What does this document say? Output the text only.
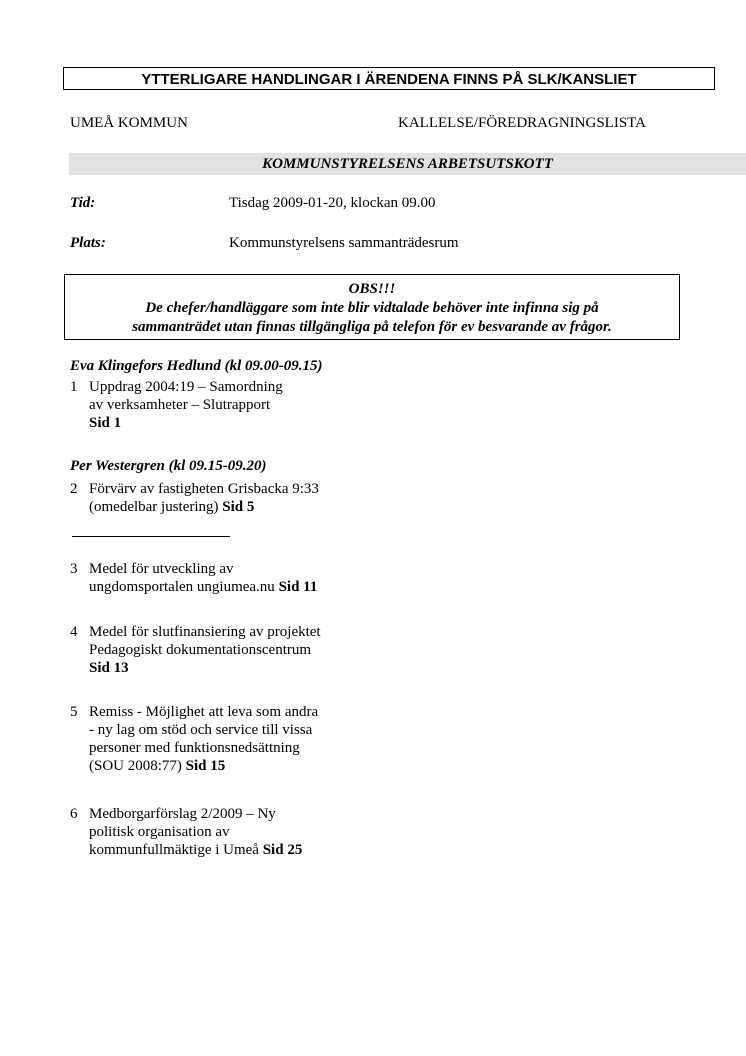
YTTERLIGARE HANDLINGAR I ÄRENDENA FINNS PÅ SLK/KANSLIET
UMEÅ KOMMUN	KALLELSE/FÖREDRAGNINGSLISTA
KOMMUNSTYRELSENS ARBETSUTSKOTT
Tid:	Tisdag 2009-01-20, klockan 09.00
Plats:	Kommunstyrelsens sammanträdesrum
OBS!!!
De chefer/handläggare som inte blir vidtalade behöver inte infinna sig på
sammanträdet utan finnas tillgängliga på telefon för ev besvarande av frågor.
Eva Klingefors Hedlund (kl 09.00-09.15)
1 Uppdrag 2004:19 – Samordning
av verksamheter – Slutrapport
Sid 1
Per Westergren (kl 09.15-09.20)
2 Förvärv av fastigheten Grisbacka 9:33
(omedelbar justering) Sid 5
3 Medel för utveckling av
ungdomsportalen ungiumea.nu Sid 11
4 Medel för slutfinansiering av projektet
Pedagogiskt dokumentationscentrum
Sid 13
5 Remiss - Möjlighet att leva som andra
- ny lag om stöd och service till vissa
personer med funktionsnedsättning
(SOU 2008:77) Sid 15
6 Medborgarförslag 2/2009 – Ny
politisk organisation av
kommunfullmäktige i Umeå Sid 25
